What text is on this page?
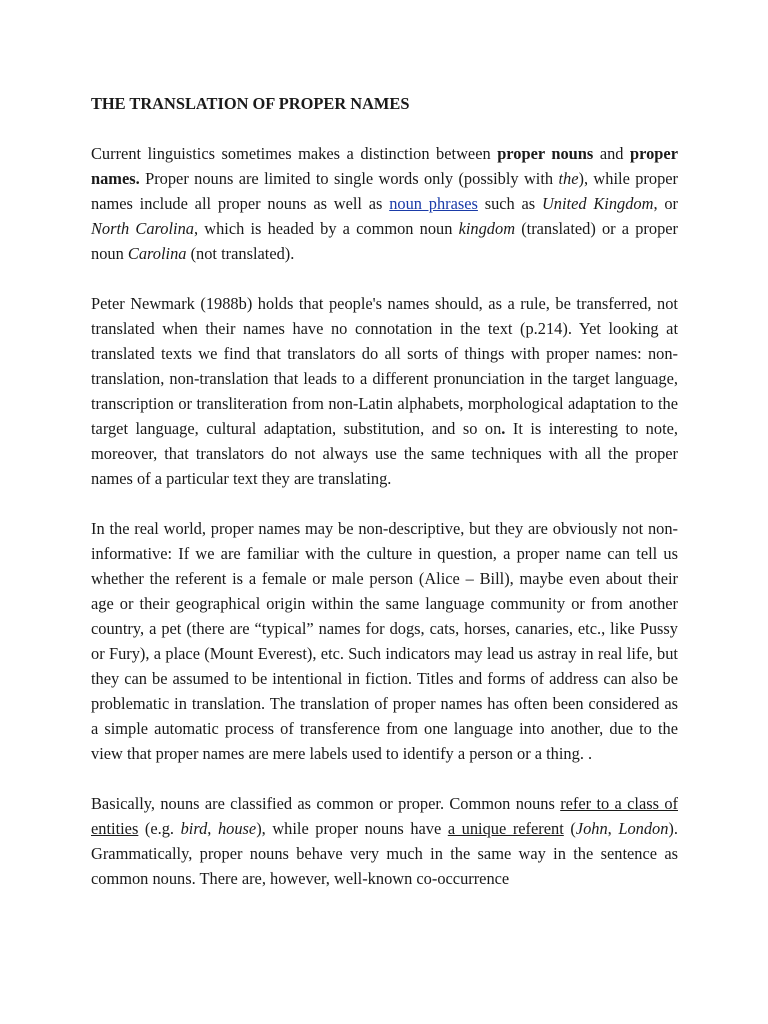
THE TRANSLATION OF PROPER NAMES

Current linguistics sometimes makes a distinction between proper nouns and proper names. Proper nouns are limited to single words only (possibly with the), while proper names include all proper nouns as well as noun phrases such as United Kingdom, or North Carolina, which is headed by a common noun kingdom (translated) or a proper noun Carolina (not translated).

Peter Newmark (1988b) holds that people's names should, as a rule, be transferred, not translated when their names have no connotation in the text (p.214). Yet looking at translated texts we find that translators do all sorts of things with proper names: non-translation, non-translation that leads to a different pronunciation in the target language, transcription or transliteration from non-Latin alphabets, morphological adaptation to the target language, cultural adaptation, substitution, and so on. It is interesting to note, moreover, that translators do not always use the same techniques with all the proper names of a particular text they are translating.

In the real world, proper names may be non-descriptive, but they are obviously not non-informative: If we are familiar with the culture in question, a proper name can tell us whether the referent is a female or male person (Alice – Bill), maybe even about their age or their geographical origin within the same language community or from another country, a pet (there are “typical” names for dogs, cats, horses, canaries, etc., like Pussy or Fury), a place (Mount Everest), etc. Such indicators may lead us astray in real life, but they can be assumed to be intentional in fiction. Titles and forms of address can also be problematic in translation. The translation of proper names has often been considered as a simple automatic process of transference from one language into another, due to the view that proper names are mere labels used to identify a person or a thing. .

Basically, nouns are classified as common or proper. Common nouns refer to a class of entities (e.g. bird, house), while proper nouns have a unique referent (John, London). Grammatically, proper nouns behave very much in the same way in the sentence as common nouns. There are, however, well-known co-occurrence
